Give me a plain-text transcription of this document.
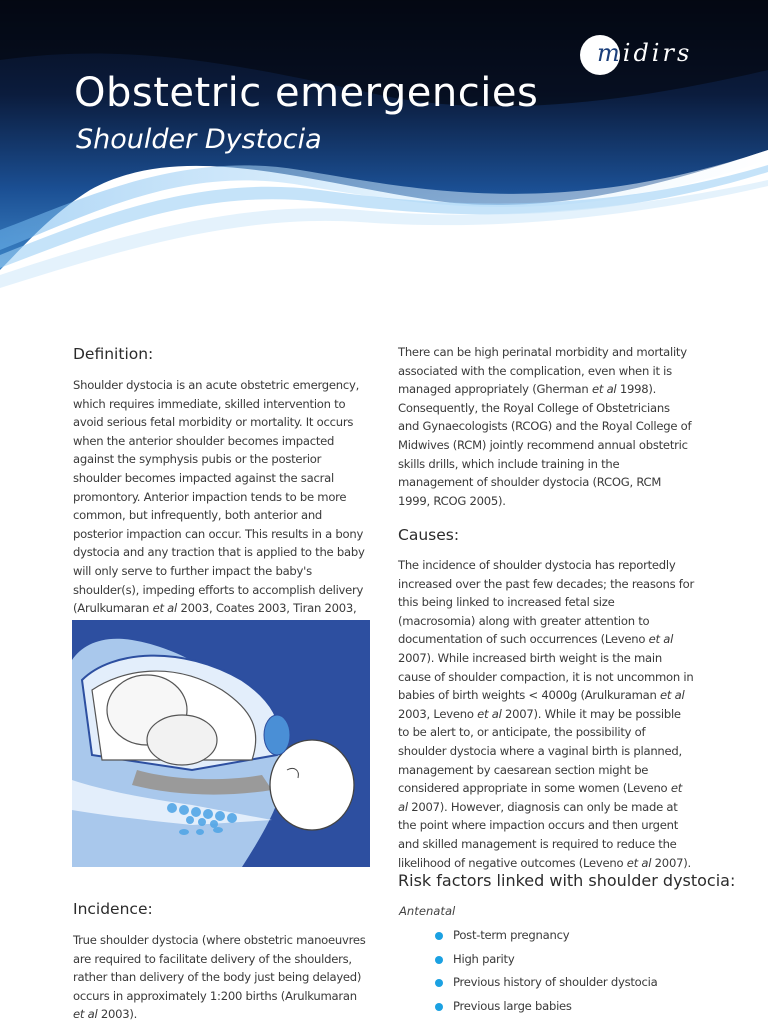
Obstetric emergencies
Shoulder Dystocia
midirs
Definition:

Shoulder dystocia is an acute obstetric emergency, which requires immediate, skilled intervention to avoid serious fetal morbidity or mortality. It occurs when the anterior shoulder becomes impacted against the symphysis pubis or the posterior shoulder becomes impacted against the sacral promontory. Anterior impaction tends to be more common, but infrequently, both anterior and posterior impaction can occur. This results in a bony dystocia and any traction that is applied to the baby will only serve to further impact the baby's shoulder(s), impeding efforts to accomplish delivery (Arulkumaran et al 2003, Coates 2003, Tiran 2003,

Incidence:

True shoulder dystocia (where obstetric manoeuvres are required to facilitate delivery of the shoulders, rather than delivery of the body just being delayed) occurs in approximately 1:200 births (Arulkumaran et al 2003).

There can be high perinatal morbidity and mortality associated with the complication, even when it is managed appropriately (Gherman et al 1998). Consequently, the Royal College of Obstetricians and Gynaecologists (RCOG) and the Royal College of Midwives (RCM) jointly recommend annual obstetric skills drills, which include training in the management of shoulder dystocia (RCOG, RCM 1999, RCOG 2005).

Causes:

The incidence of shoulder dystocia has reportedly increased over the past few decades; the reasons for this being linked to increased fetal size (macrosomia) along with greater attention to documentation of such occurrences (Leveno et al 2007). While increased birth weight is the main cause of shoulder compaction, it is not uncommon in babies of birth weights < 4000g (Arulkuraman et al 2003, Leveno et al 2007). While it may be possible to be alert to, or anticipate, the possibility of shoulder dystocia where a vaginal birth is planned, management by caesarean section might be considered appropriate in some women (Leveno et al 2007). However, diagnosis can only be made at the point where impaction occurs and then urgent and skilled management is required to reduce the likelihood of negative outcomes (Leveno et al 2007).

Risk factors linked with shoulder dystocia:
Antenatal
Post-term pregnancy
High parity
Previous history of shoulder dystocia
Previous large babies
